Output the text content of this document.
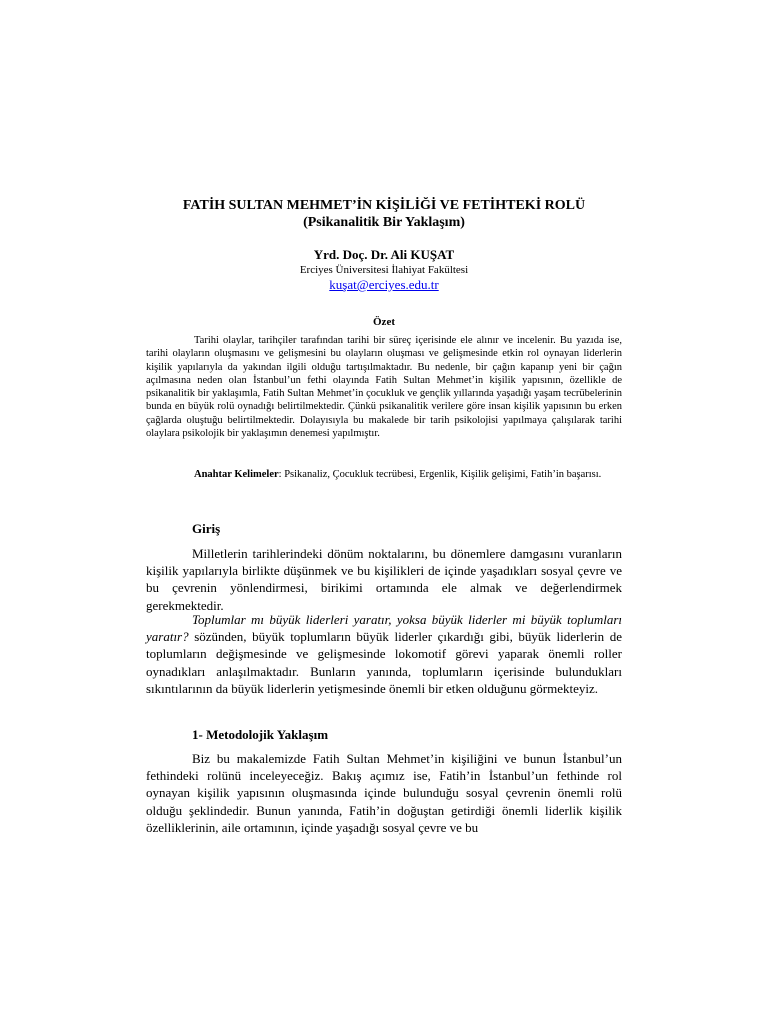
FATİH SULTAN MEHMET’İN KİŞİLİĞİ VE FETİHTEKİ ROLÜ
(Psikanalitik Bir Yaklaşım)
Yrd. Doç. Dr. Ali KUŞAT
Erciyes Üniversitesi İlahiyat Fakültesi
kuşat@erciyes.edu.tr
Özet

Tarihi olaylar, tarihçiler tarafından tarihi bir süreç içerisinde ele alınır ve incelenir. Bu yazıda ise, tarihi olayların oluşmasını ve gelişmesini bu olayların oluşması ve gelişmesinde etkin rol oynayan liderlerin kişilik yapılarıyla da yakından ilgili olduğu tartışılmaktadır. Bu nedenle, bir çağın kapanıp yeni bir çağın açılmasına neden olan İstanbul’un fethi olayında Fatih Sultan Mehmet’in kişilik yapısının, özellikle de psikanalitik bir yaklaşımla, Fatih Sultan Mehmet’in çocukluk ve gençlik yıllarında yaşadığı yaşam tecrübelerinin bunda en büyük rolü oynadığı belirtilmektedir. Çünkü psikanalitik verilere göre insan kişilik yapısının bu erken çağlarda oluştuğu belirtilmektedir. Dolayısıyla bu makalede bir tarih psikolojisi yapılmaya çalışılarak tarihi olaylara psikolojik bir yaklaşımın denemesi yapılmıştır.

Anahtar Kelimeler: Psikanaliz, Çocukluk tecrübesi, Ergenlik, Kişilik gelişimi, Fatih’in başarısı.

Giriş

Milletlerin tarihlerindeki dönüm noktalarını, bu dönemlere damgasını vuranların kişilik yapılarıyla birlikte düşünmek ve bu kişilikleri de içinde yaşadıkları sosyal çevre ve bu çevrenin yönlendirmesi, birikimi ortamında ele almak ve değerlendirmek gerekmektedir.

Toplumlar mı büyük liderleri yaratır, yoksa büyük liderler mi büyük toplumları yaratır? sözünden, büyük toplumların büyük liderler çıkardığı gibi, büyük liderlerin de toplumların değişmesinde ve gelişmesinde lokomotif görevi yaparak önemli roller oynadıkları anlaşılmaktadır. Bunların yanında, toplumların içerisinde bulundukları sıkıntılarının da büyük liderlerin yetişmesinde önemli bir etken olduğunu görmekteyiz.

1- Metodolojik Yaklaşım

Biz bu makalemizde Fatih Sultan Mehmet’in kişiliğini ve bunun İstanbul’un fethindeki rolünü inceleyeceğiz. Bakış açımız ise, Fatih’in İstanbul’un fethinde rol oynayan kişilik yapısının oluşmasında içinde bulunduğu sosyal çevrenin önemli rolü olduğu şeklindedir. Bunun yanında, Fatih’in doğuştan getirdiği önemli liderlik kişilik özelliklerinin, aile ortamının, içinde yaşadığı sosyal çevre ve bu
